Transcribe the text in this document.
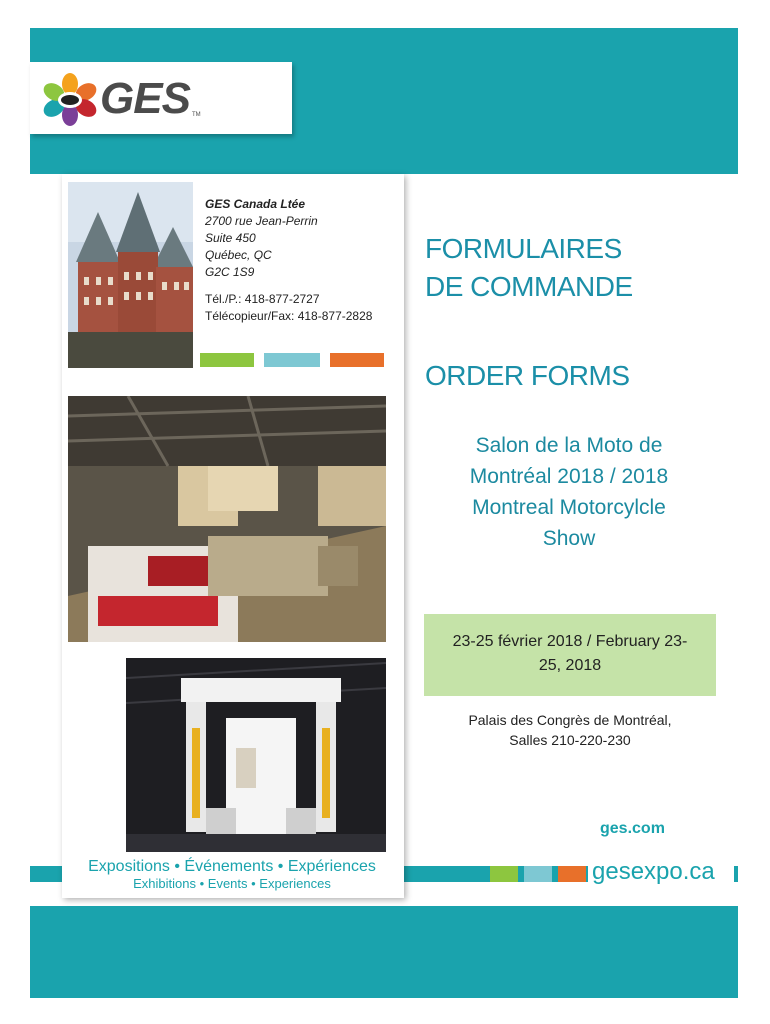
GES TM
GES Canada Ltée
2700 rue Jean-Perrin
Suite 450
Québec, QC
G2C 1S9
Tél./P.: 418-877-2727
Télécopieur/Fax: 418-877-2828
FORMULAIRES
DE COMMANDE
ORDER FORMS
Salon de la Moto de
Montréal 2018 / 2018
Montreal Motorcylcle
Show
23-25 février 2018 / February 23-
25, 2018
Palais des Congrès de Montréal,
Salles 210-220-230
ges.com
Expositions • Événements • Expériences
Exhibitions • Events • Experiences	gesexpo.ca
